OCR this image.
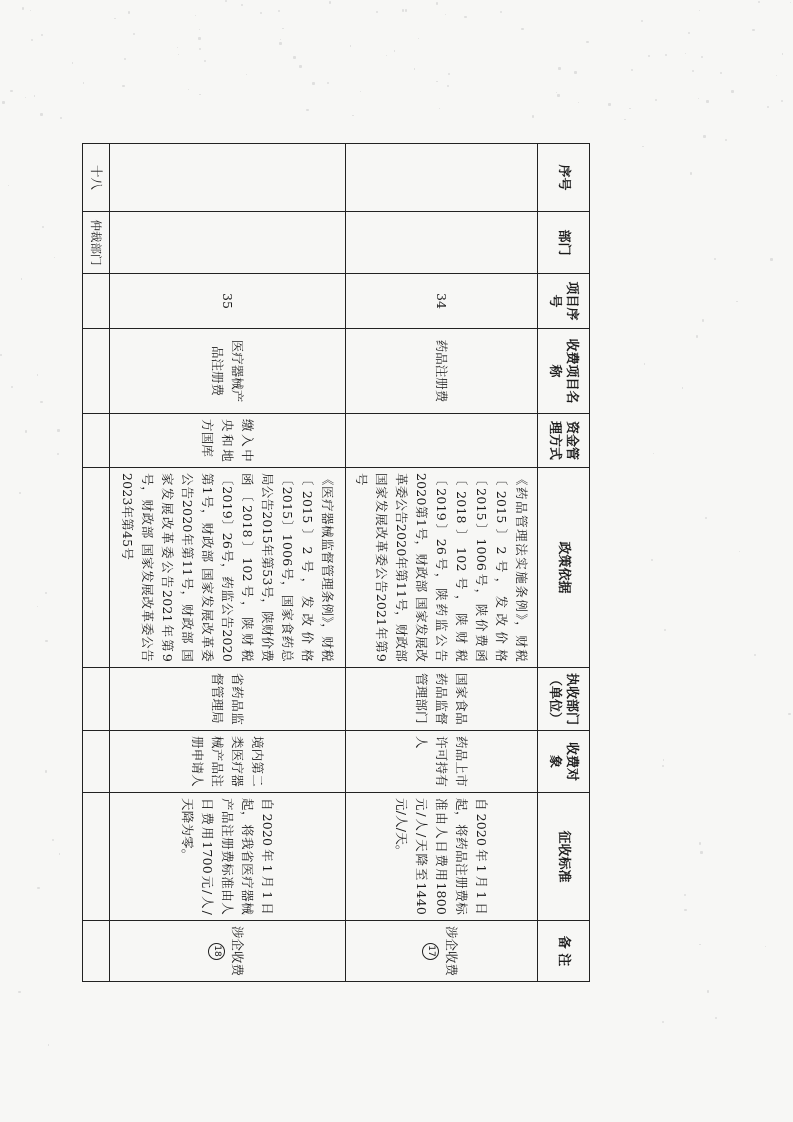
序号	部门	项目序号	收费项目名称	资金管理方式	政策依据	执收部门（单位）	收费对象	征收标准	备 注
		34	药品注册费		《药品管理法实施条例》，财税〔2015〕2号，发改价格〔2015〕1006号，陕价费函〔2018〕102号，陕财税〔2019〕26号，陕药监公告2020第1号，财政部 国家发展改革委公告2020年第11号，财政部 国家发展改革委公告2021年第9号	国家食品药品监督管理部门	药品上市许可持有人	自2020年1月1日起，将药品注册费标准由人日费用1800元/人/天降至1440元/人/天。	涉企收费 17
		35	医疗器械产品注册费	缴入中央和地方国库	《医疗器械监督管理条例》，财税〔2015〕2号，发改价格〔2015〕1006号，国家食药总局公告2015年第53号，陕财价费函〔2018〕102号，陕财税〔2019〕26号，药监公告2020第1号，财政部 国家发展改革委公告2020年第11号，财政部 国家发展改革委公告2021年第9号，财政部 国家发展改革委公告2023年第45号	省药品监督管理局	境内第二类医疗器械产品注册申请人	自2020年1月1日起，将我省医疗器械产品注册费标准由人日费用1700元/人/天降为零。	涉企收费 18
十八	仲裁部门								
